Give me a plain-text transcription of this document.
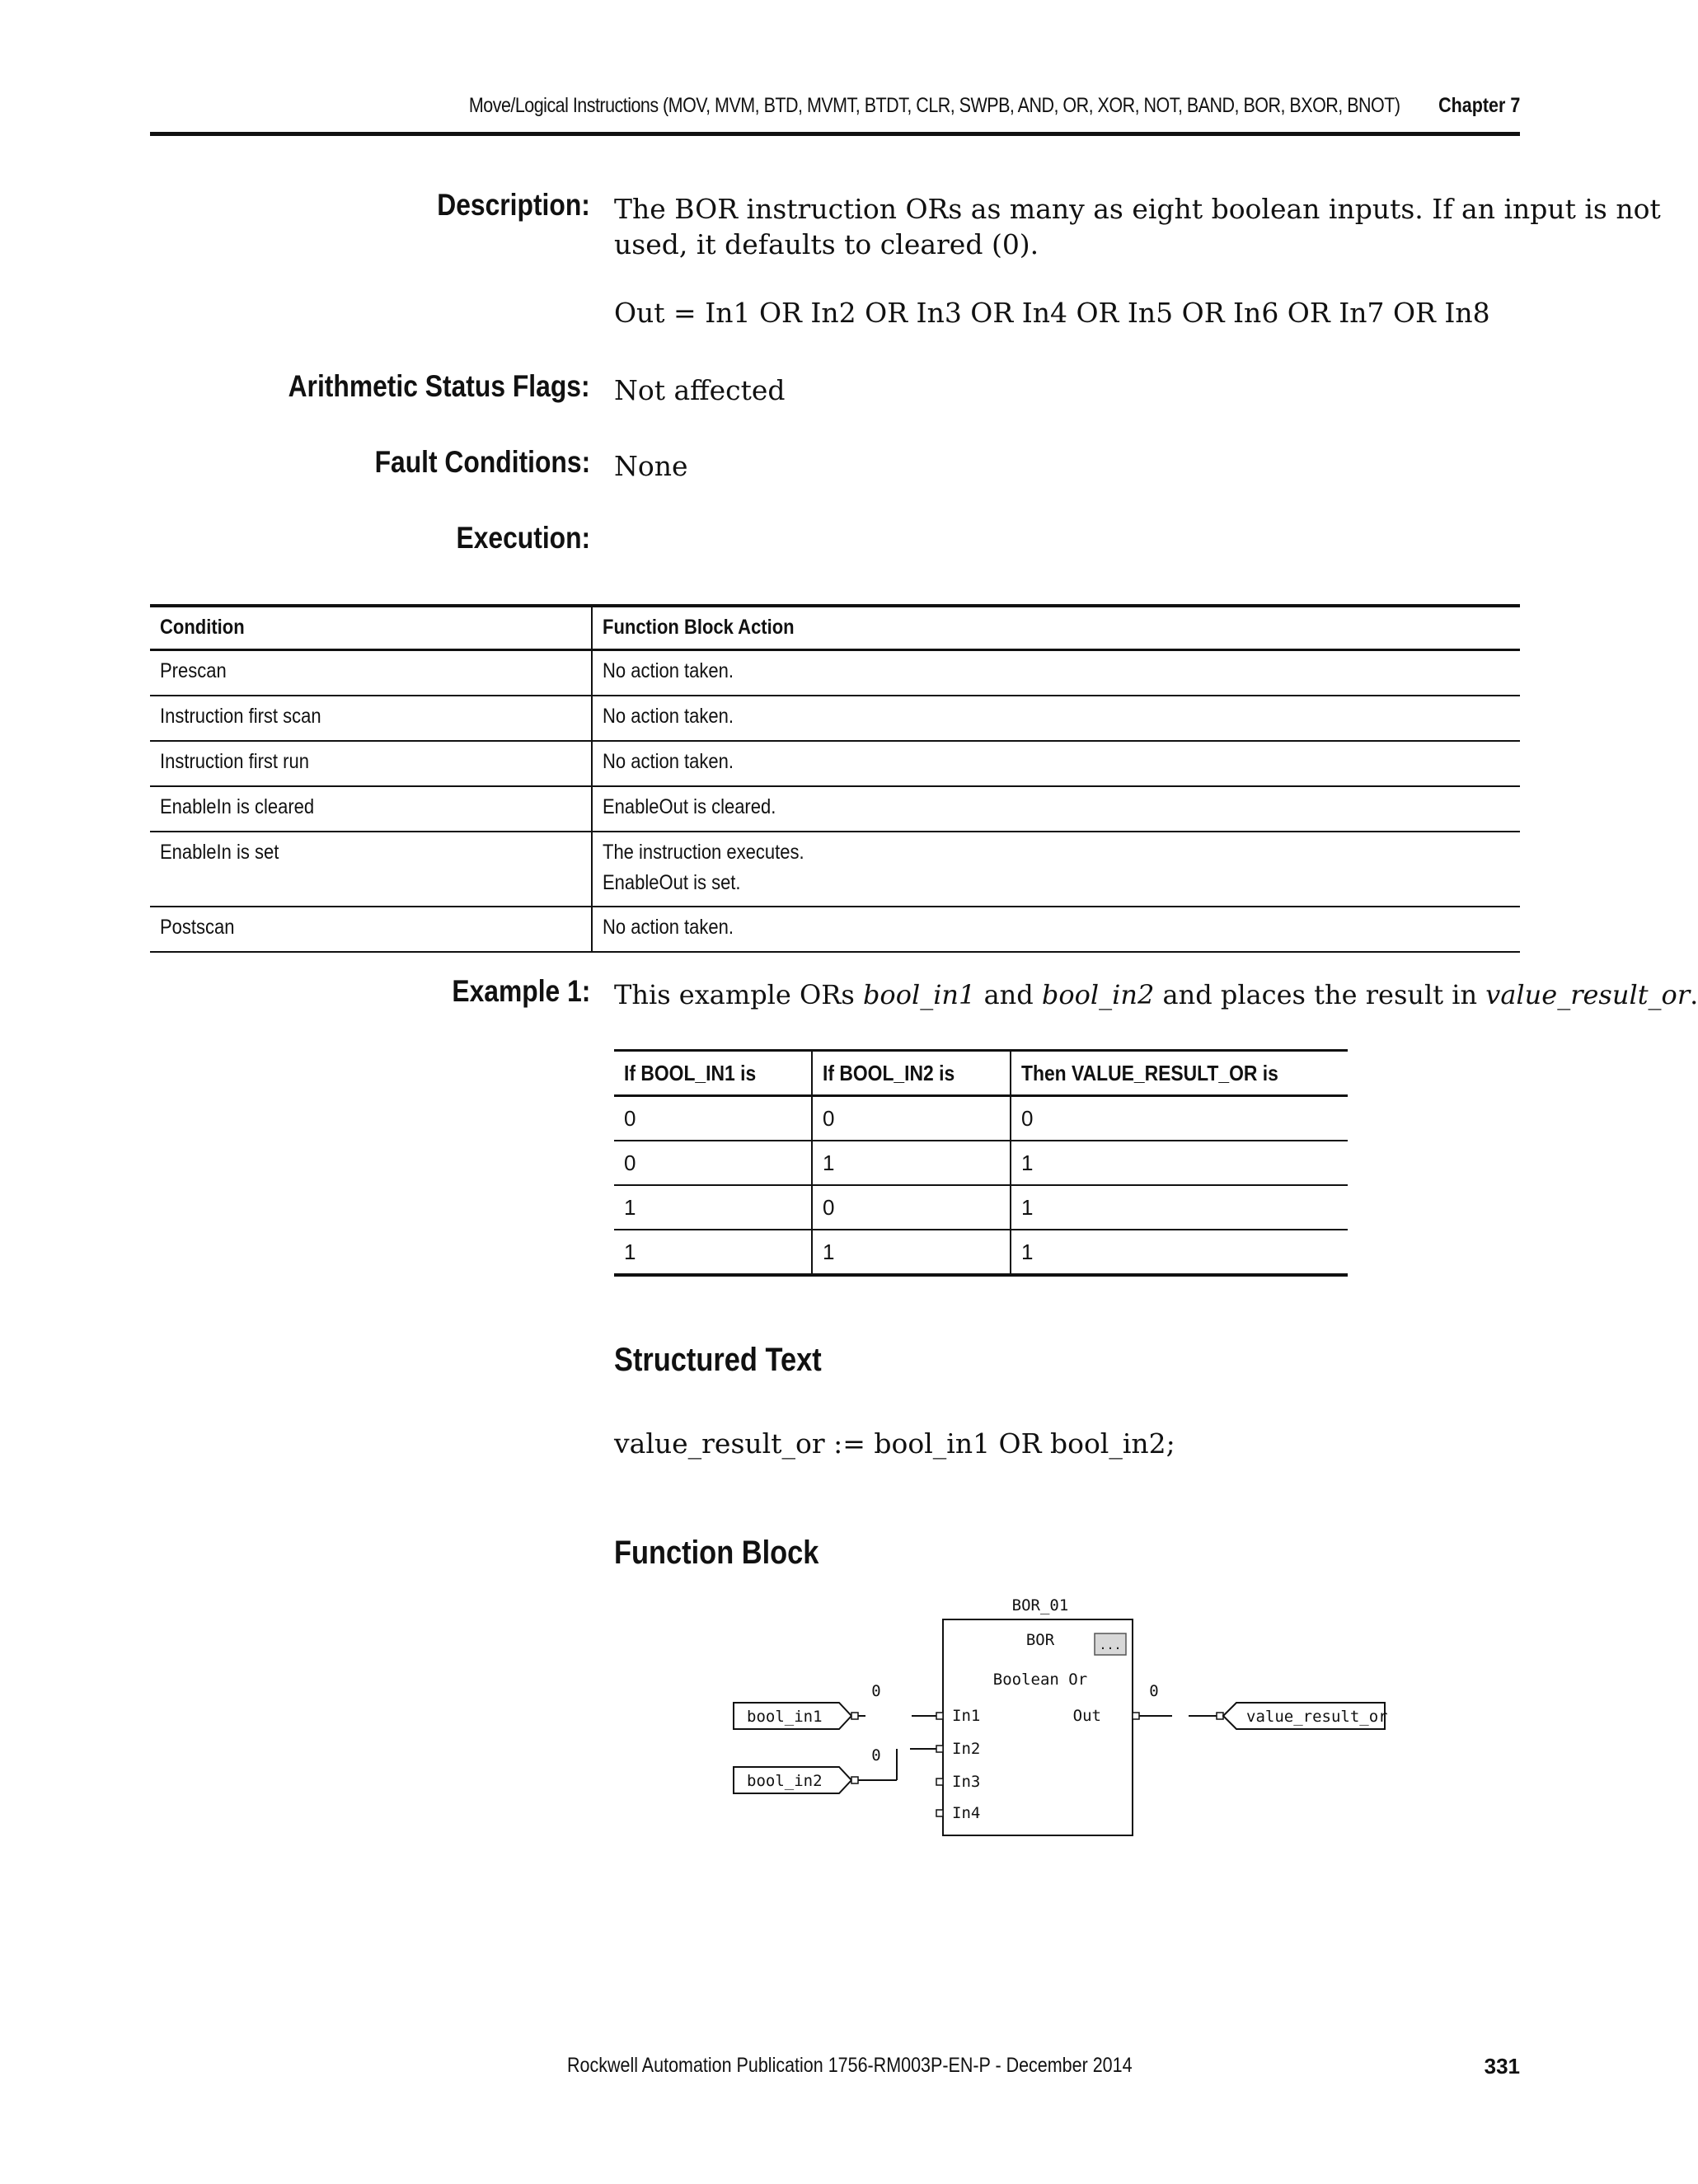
Move/Logical Instructions (MOV, MVM, BTD, MVMT, BTDT, CLR, SWPB, AND, OR, XOR, NOT, BAND, BOR, BXOR, BNOT) Chapter 7
Description: The BOR instruction ORs as many as eight boolean inputs. If an input is not
used, it defaults to cleared (0).
Out = In1 OR In2 OR In3 OR In4 OR In5 OR In6 OR In7 OR In8
Arithmetic Status Flags: Not affected
Fault Conditions: None
Execution:
Condition	Function Block Action

Prescan	No action taken.

Instruction first scan	No action taken.

Instruction first run	No action taken.

EnableIn is cleared	EnableOut is cleared.

EnableIn is set	The instruction executes.
EnableOut is set.

Postscan	No action taken.
Example 1: This example ORs bool_in1 and bool_in2 and places the result in value_result_or.
If BOOL_IN1 is	If BOOL_IN2 is	Then VALUE_RESULT_OR is
0	0	0
0	1	1
1	0	1
1	1	1
Structured Text
value_result_or := bool_in1 OR bool_in2;
Function Block
BOR_01
BOR
Boolean Or
...
In1
In2
In3
In4
Out
bool_in1
0
bool_in2
0
0
value_result_or
Rockwell Automation Publication 1756-RM003P-EN-P - December 2014	331
